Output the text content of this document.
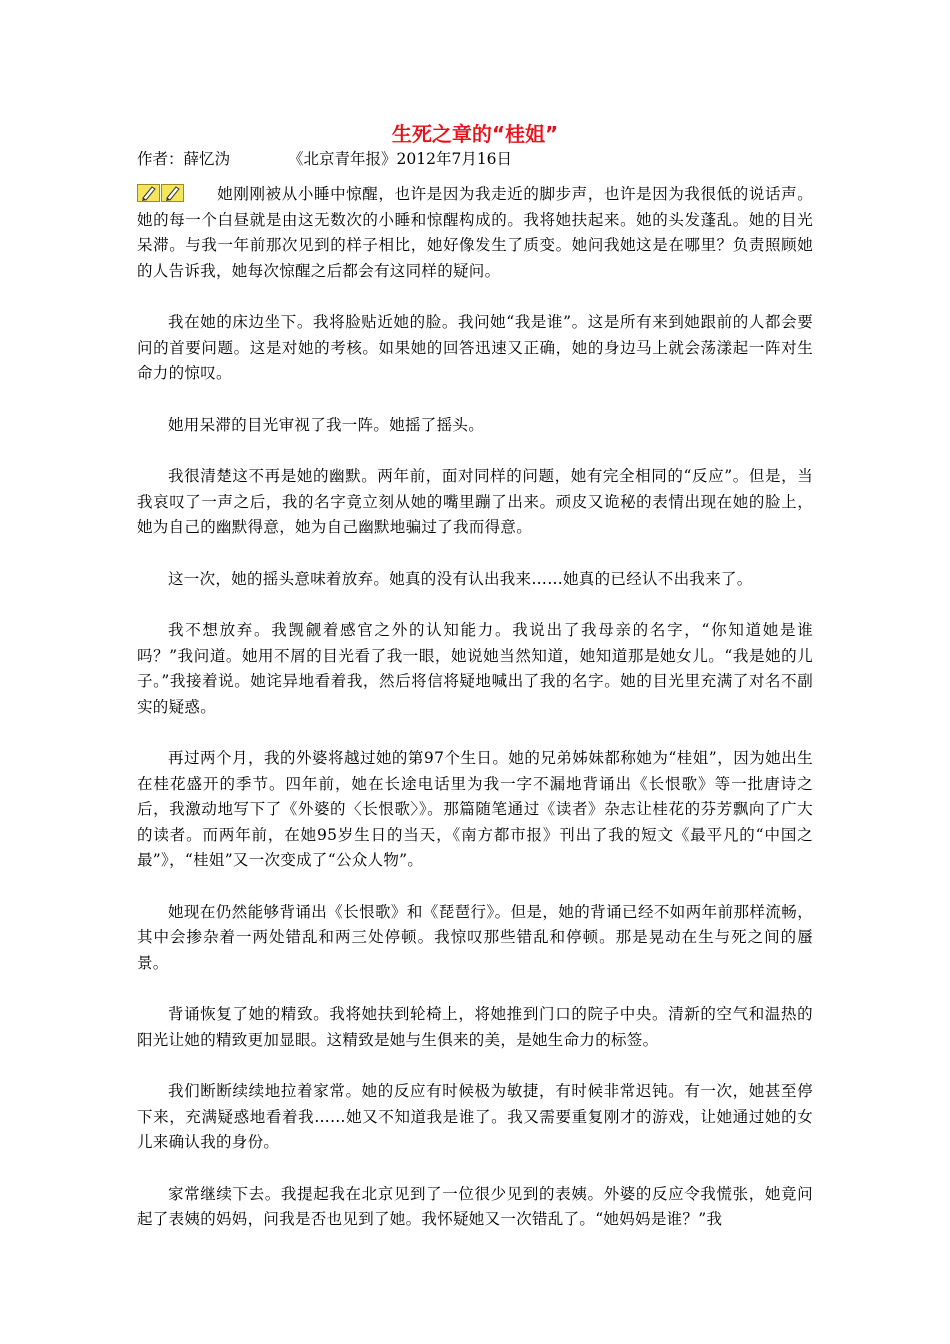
生死之章的“桂姐”
作者：薛忆沩	《北京青年报》2012年7月16日

她刚刚被从小睡中惊醒，也许是因为我走近的脚步声，也许是因为我很低的说话声。她的每一个白昼就是由这无数次的小睡和惊醒构成的。我将她扶起来。她的头发蓬乱。她的目光呆滞。与我一年前那次见到的样子相比，她好像发生了质变。她问我她这是在哪里？负责照顾她的人告诉我，她每次惊醒之后都会有这同样的疑问。

我在她的床边坐下。我将脸贴近她的脸。我问她“我是谁”。这是所有来到她跟前的人都会要问的首要问题。这是对她的考核。如果她的回答迅速又正确，她的身边马上就会荡漾起一阵对生命力的惊叹。

她用呆滞的目光审视了我一阵。她摇了摇头。

我很清楚这不再是她的幽默。两年前，面对同样的问题，她有完全相同的“反应”。但是，当我哀叹了一声之后，我的名字竟立刻从她的嘴里蹦了出来。顽皮又诡秘的表情出现在她的脸上，她为自己的幽默得意，她为自己幽默地骗过了我而得意。

这一次，她的摇头意味着放弃。她真的没有认出我来……她真的已经认不出我来了。

我不想放弃。我觊觎着感官之外的认知能力。我说出了我母亲的名字，“你知道她是谁吗？”我问道。她用不屑的目光看了我一眼，她说她当然知道，她知道那是她女儿。“我是她的儿子。”我接着说。她诧异地看着我，然后将信将疑地喊出了我的名字。她的目光里充满了对名不副实的疑惑。

再过两个月，我的外婆将越过她的第97个生日。她的兄弟姊妹都称她为“桂姐”，因为她出生在桂花盛开的季节。四年前，她在长途电话里为我一字不漏地背诵出《长恨歌》等一批唐诗之后，我激动地写下了《外婆的〈长恨歌〉》。那篇随笔通过《读者》杂志让桂花的芬芳飘向了广大的读者。而两年前，在她95岁生日的当天，《南方都市报》刊出了我的短文《最平凡的“中国之最”》，“桂姐”又一次变成了“公众人物”。

她现在仍然能够背诵出《长恨歌》和《琵琶行》。但是，她的背诵已经不如两年前那样流畅，其中会掺杂着一两处错乱和两三处停顿。我惊叹那些错乱和停顿。那是晃动在生与死之间的蜃景。

背诵恢复了她的精致。我将她扶到轮椅上，将她推到门口的院子中央。清新的空气和温热的阳光让她的精致更加显眼。这精致是她与生俱来的美，是她生命力的标签。

我们断断续续地拉着家常。她的反应有时候极为敏捷，有时候非常迟钝。有一次，她甚至停下来，充满疑惑地看着我……她又不知道我是谁了。我又需要重复刚才的游戏，让她通过她的女儿来确认我的身份。

家常继续下去。我提起我在北京见到了一位很少见到的表姨。外婆的反应令我慌张，她竟问起了表姨的妈妈，问我是否也见到了她。我怀疑她又一次错乱了。“她妈妈是谁？”我
